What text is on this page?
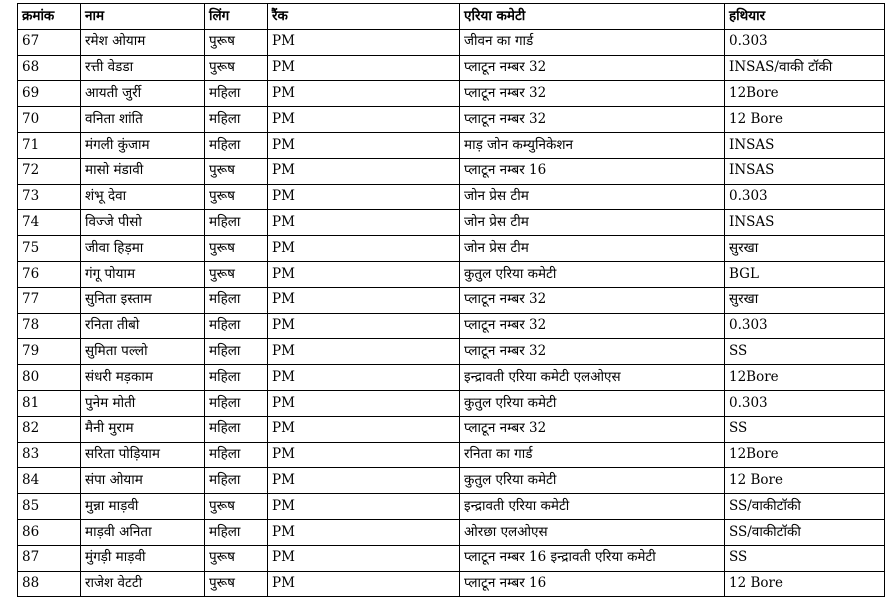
क्रमांक	नाम	लिंग	रैंक	एरिया कमेटी	हथियार
67	रमेश ओयाम	पुरूष	PM	जीवन का गार्ड	0.303
68	रत्ती वेडडा	पुरूष	PM	प्लाटून नम्बर 32	INSAS/वाकी टॉकी
69	आयती जुर्री	महिला	PM	प्लाटून नम्बर 32	12Bore
70	वनिता शांति	महिला	PM	प्लाटून नम्बर 32	12 Bore
71	मंगली कुंजाम	महिला	PM	माड़ जोन कम्युनिकेशन	INSAS
72	मासो मंडावी	पुरूष	PM	प्लाटून नम्बर 16	INSAS
73	शंभू देवा	पुरूष	PM	जोन प्रेस टीम	0.303
74	विज्जे पीसो	महिला	PM	जोन प्रेस टीम	INSAS
75	जीवा हिड़मा	पुरूष	PM	जोन प्रेस टीम	सुरखा
76	गंगू पोयाम	पुरूष	PM	कुतुल एरिया कमेटी	BGL
77	सुनिता इस्ताम	महिला	PM	प्लाटून नम्बर 32	सुरखा
78	रनिता तीबो	महिला	PM	प्लाटून नम्बर 32	0.303
79	सुमिता पल्लो	महिला	PM	प्लाटून नम्बर 32	SS
80	संधरी मड़काम	महिला	PM	इन्द्रावती एरिया कमेटी एलओएस	12Bore
81	पुनेम मोती	महिला	PM	कुतुल एरिया कमेटी	0.303
82	मैनी मुराम	महिला	PM	प्लाटून नम्बर 32	SS
83	सरिता पोड़ियाम	महिला	PM	रनिता का गार्ड	12Bore
84	संपा ओयाम	महिला	PM	कुतुल एरिया कमेटी	12 Bore
85	मुन्ना माड़वी	पुरूष	PM	इन्द्रावती एरिया कमेटी	SS/वाकीटॉकी
86	माड़वी अनिता	महिला	PM	ओरछा एलओएस	SS/वाकीटॉकी
87	मुंगड़ी माड़वी	पुरूष	PM	प्लाटून नम्बर 16 इन्द्रावती एरिया कमेटी	SS
88	राजेश वेटटी	पुरूष	PM	प्लाटून नम्बर 16	12 Bore
